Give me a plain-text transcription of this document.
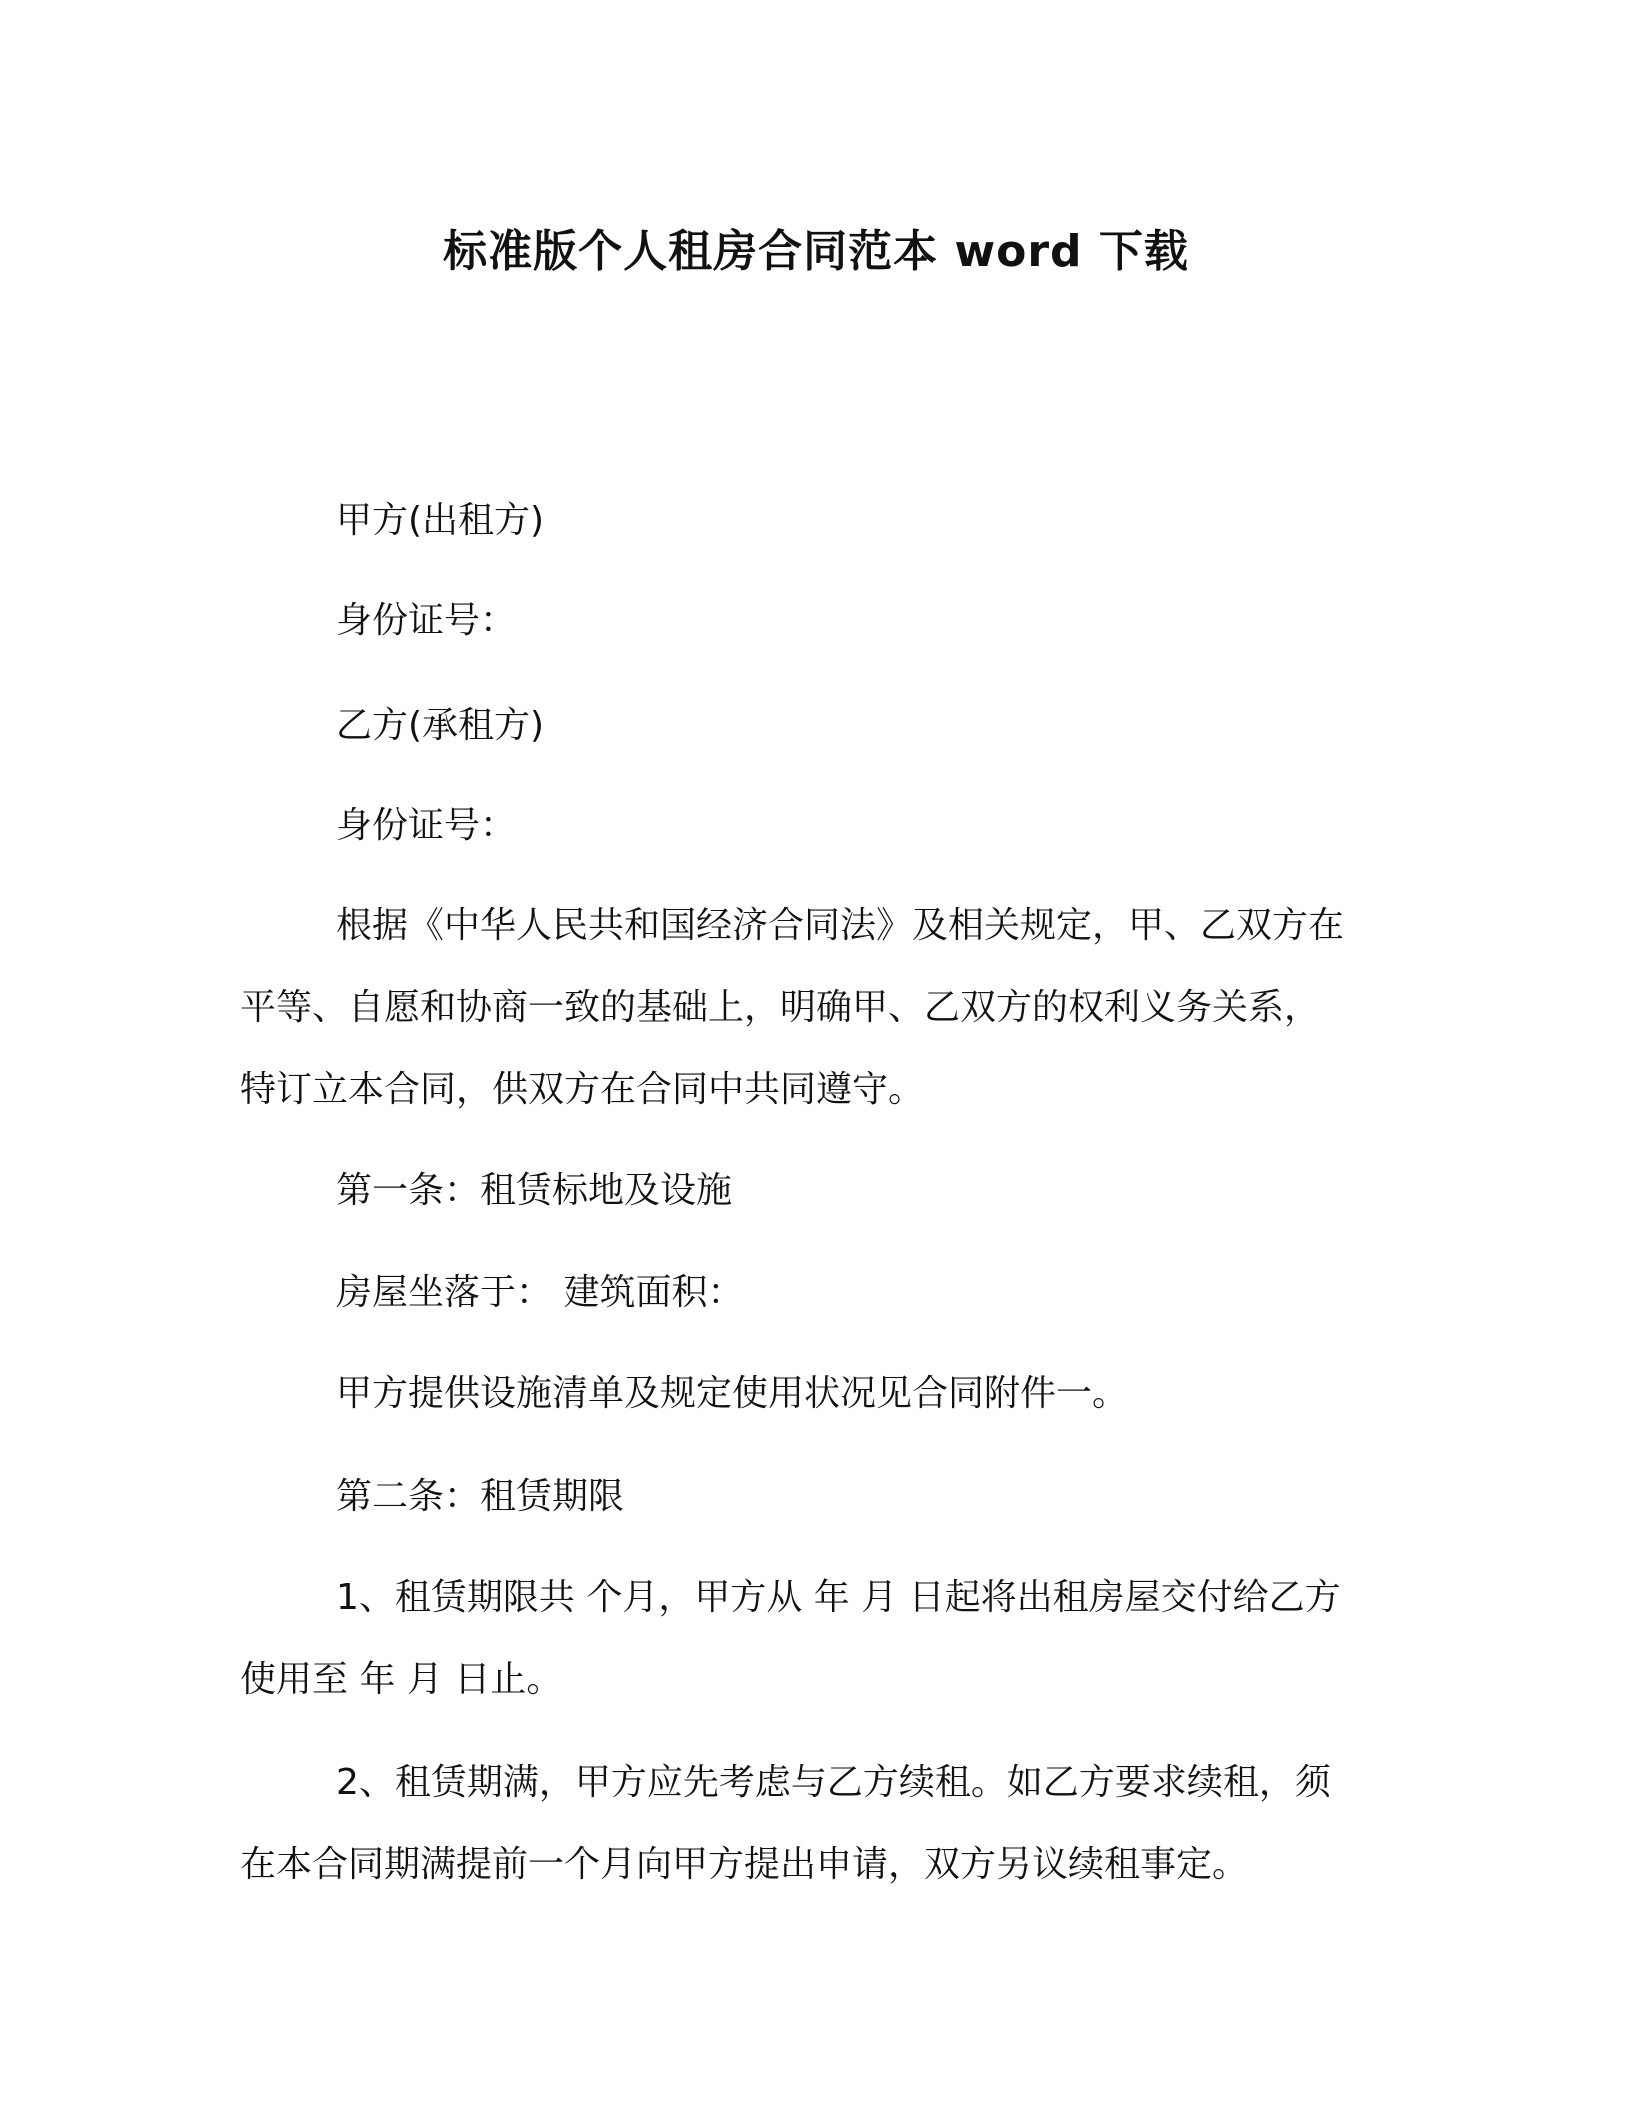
标准版个人租房合同范本 word 下载
甲方(出租方)
身份证号：
乙方(承租方)
身份证号：
根据《中华人民共和国经济合同法》及相关规定，甲、乙双方在
平等、自愿和协商一致的基础上，明确甲、乙双方的权利义务关系，
特订立本合同，供双方在合同中共同遵守。
第一条：租赁标地及设施
房屋坐落于： 建筑面积：
甲方提供设施清单及规定使用状况见合同附件一。
第二条：租赁期限
1、租赁期限共 个月，甲方从 年 月 日起将出租房屋交付给乙方
使用至 年 月 日止。
2、租赁期满，甲方应先考虑与乙方续租。如乙方要求续租，须
在本合同期满提前一个月向甲方提出申请，双方另议续租事定。
